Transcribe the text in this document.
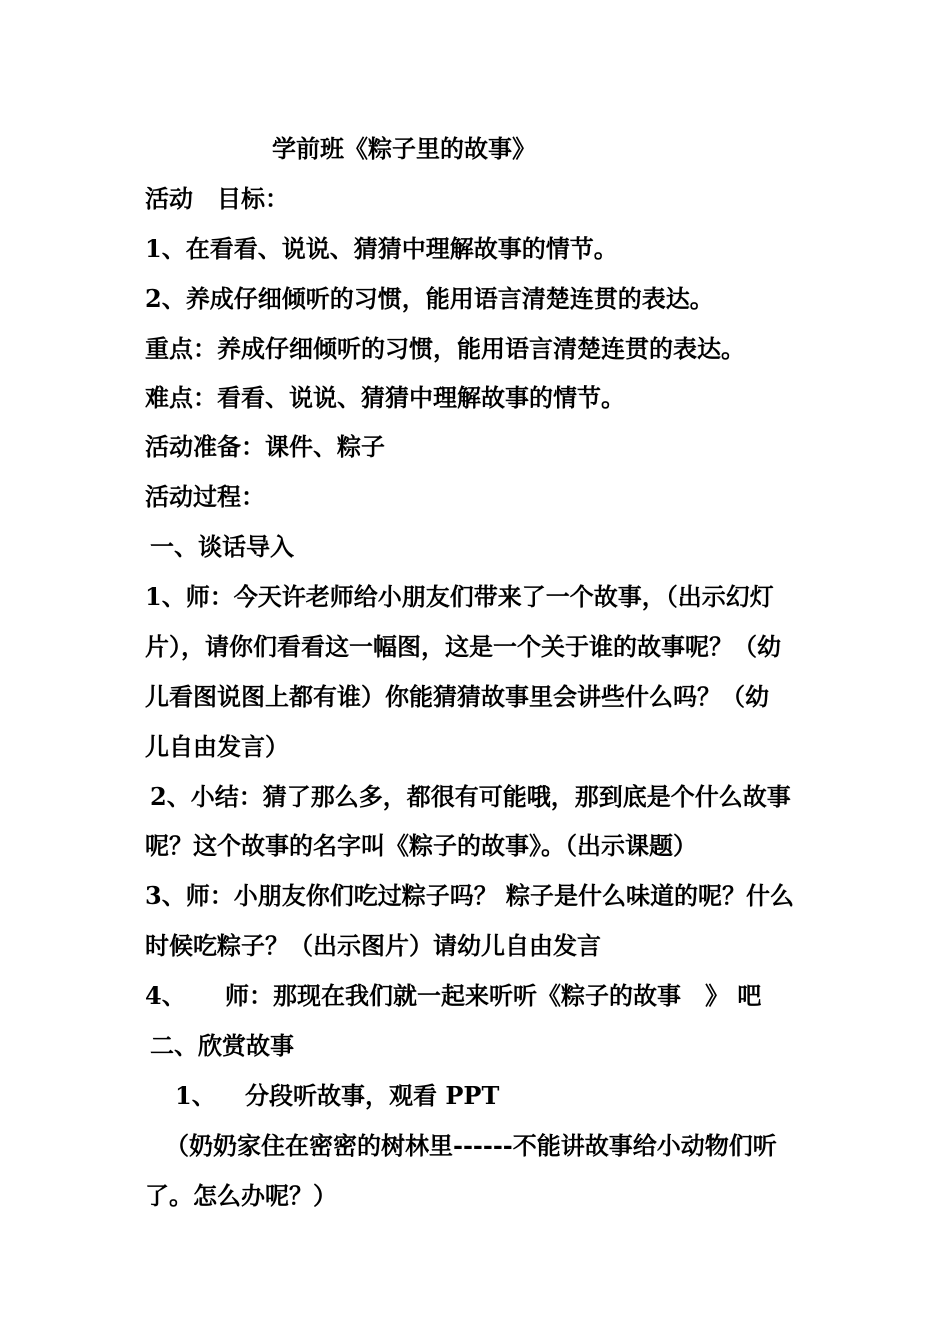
学前班《粽子里的故事》
活动　目标：
1、在看看、说说、猜猜中理解故事的情节。
2、养成仔细倾听的习惯，能用语言清楚连贯的表达。
重点：养成仔细倾听的习惯，能用语言清楚连贯的表达。
难点：看看、说说、猜猜中理解故事的情节。
活动准备：课件、粽子
活动过程：
一、谈话导入
1、师：今天许老师给小朋友们带来了一个故事，（出示幻灯
片），请你们看看这一幅图，这是一个关于谁的故事呢？（幼
儿看图说图上都有谁）你能猜猜故事里会讲些什么吗？（幼
儿自由发言）
2、小结：猜了那么多，都很有可能哦，那到底是个什么故事
呢？这个故事的名字叫《粽子的故事》。（出示课题）
3、师：小朋友你们吃过粽子吗？ 粽子是什么味道的呢？什么
时候吃粽子？（出示图片）请幼儿自由发言
4、 师：那现在我们就一起来听听《粽子的故事　》 吧
二、欣赏故事
1、 分段听故事，观看 PPT
（奶奶家住在密密的树林里------不能讲故事给小动物们听
了。怎么办呢？）
